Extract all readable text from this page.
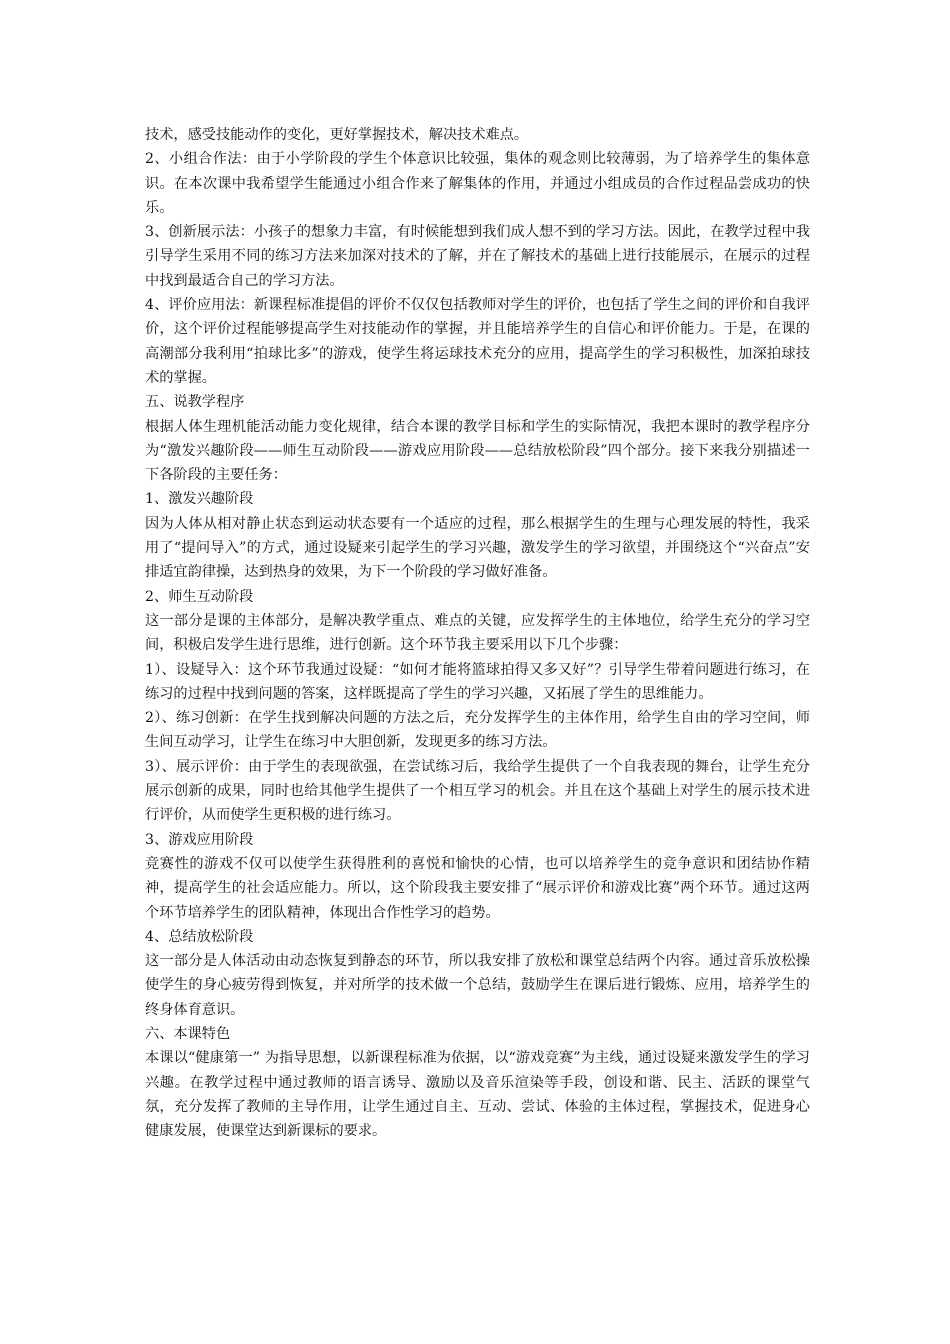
技术，感受技能动作的变化，更好掌握技术，解决技术难点。

2、小组合作法：由于小学阶段的学生个体意识比较强，集体的观念则比较薄弱，为了培养学生的集体意识。在本次课中我希望学生能通过小组合作来了解集体的作用，并通过小组成员的合作过程品尝成功的快乐。

3、创新展示法：小孩子的想象力丰富，有时候能想到我们成人想不到的学习方法。因此，在教学过程中我引导学生采用不同的练习方法来加深对技术的了解，并在了解技术的基础上进行技能展示，在展示的过程中找到最适合自己的学习方法。

4、评价应用法：新课程标准提倡的评价不仅仅包括教师对学生的评价，也包括了学生之间的评价和自我评价，这个评价过程能够提高学生对技能动作的掌握，并且能培养学生的自信心和评价能力。于是，在课的高潮部分我利用“拍球比多”的游戏，使学生将运球技术充分的应用，提高学生的学习积极性，加深拍球技术的掌握。

五、说教学程序

根据人体生理机能活动能力变化规律，结合本课的教学目标和学生的实际情况，我把本课时的教学程序分为“激发兴趣阶段——师生互动阶段——游戏应用阶段——总结放松阶段”四个部分。接下来我分别描述一下各阶段的主要任务：

1、激发兴趣阶段

因为人体从相对静止状态到运动状态要有一个适应的过程，那么根据学生的生理与心理发展的特性，我采用了“提问导入”的方式，通过设疑来引起学生的学习兴趣，激发学生的学习欲望，并围绕这个“兴奋点”安排适宜韵律操，达到热身的效果，为下一个阶段的学习做好准备。

2、师生互动阶段

这一部分是课的主体部分，是解决教学重点、难点的关键，应发挥学生的主体地位，给学生充分的学习空间，积极启发学生进行思维，进行创新。这个环节我主要采用以下几个步骤：

1）、设疑导入：这个环节我通过设疑：“如何才能将篮球拍得又多又好”？引导学生带着问题进行练习，在练习的过程中找到问题的答案，这样既提高了学生的学习兴趣，又拓展了学生的思维能力。

2）、练习创新：在学生找到解决问题的方法之后，充分发挥学生的主体作用，给学生自由的学习空间，师生间互动学习，让学生在练习中大胆创新，发现更多的练习方法。

3）、展示评价：由于学生的表现欲强，在尝试练习后，我给学生提供了一个自我表现的舞台，让学生充分展示创新的成果，同时也给其他学生提供了一个相互学习的机会。并且在这个基础上对学生的展示技术进行评价，从而使学生更积极的进行练习。

3、游戏应用阶段

竞赛性的游戏不仅可以使学生获得胜利的喜悦和愉快的心情，也可以培养学生的竞争意识和团结协作精神，提高学生的社会适应能力。所以，这个阶段我主要安排了“展示评价和游戏比赛”两个环节。通过这两个环节培养学生的团队精神，体现出合作性学习的趋势。

4、总结放松阶段

这一部分是人体活动由动态恢复到静态的环节，所以我安排了放松和课堂总结两个内容。通过音乐放松操使学生的身心疲劳得到恢复，并对所学的技术做一个总结，鼓励学生在课后进行锻炼、应用，培养学生的终身体育意识。

六、本课特色

本课以“健康第一” 为指导思想，以新课程标准为依据，以“游戏竞赛”为主线，通过设疑来激发学生的学习兴趣。在教学过程中通过教师的语言诱导、激励以及音乐渲染等手段，创设和谐、民主、活跃的课堂气氛，充分发挥了教师的主导作用，让学生通过自主、互动、尝试、体验的主体过程，掌握技术，促进身心健康发展，使课堂达到新课标的要求。
